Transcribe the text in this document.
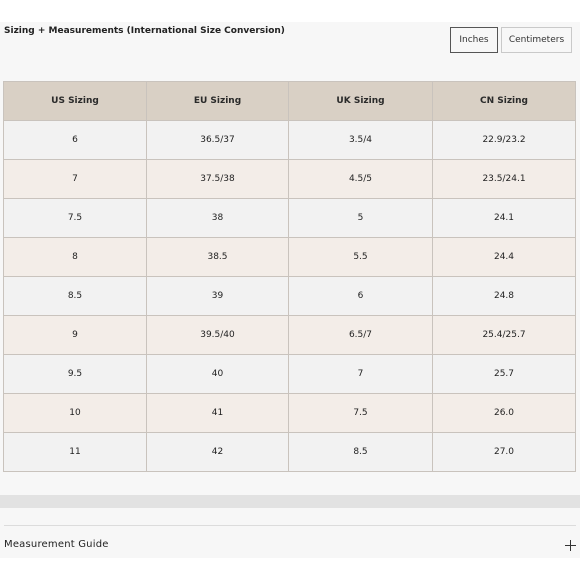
Sizing + Measurements (International Size Conversion)
Inches	Centimeters
US Sizing	EU Sizing	UK Sizing	CN Sizing
6	36.5/37	3.5/4	22.9/23.2
7	37.5/38	4.5/5	23.5/24.1
7.5	38	5	24.1
8	38.5	5.5	24.4
8.5	39	6	24.8
9	39.5/40	6.5/7	25.4/25.7
9.5	40	7	25.7
10	41	7.5	26.0
11	42	8.5	27.0
Measurement Guide
